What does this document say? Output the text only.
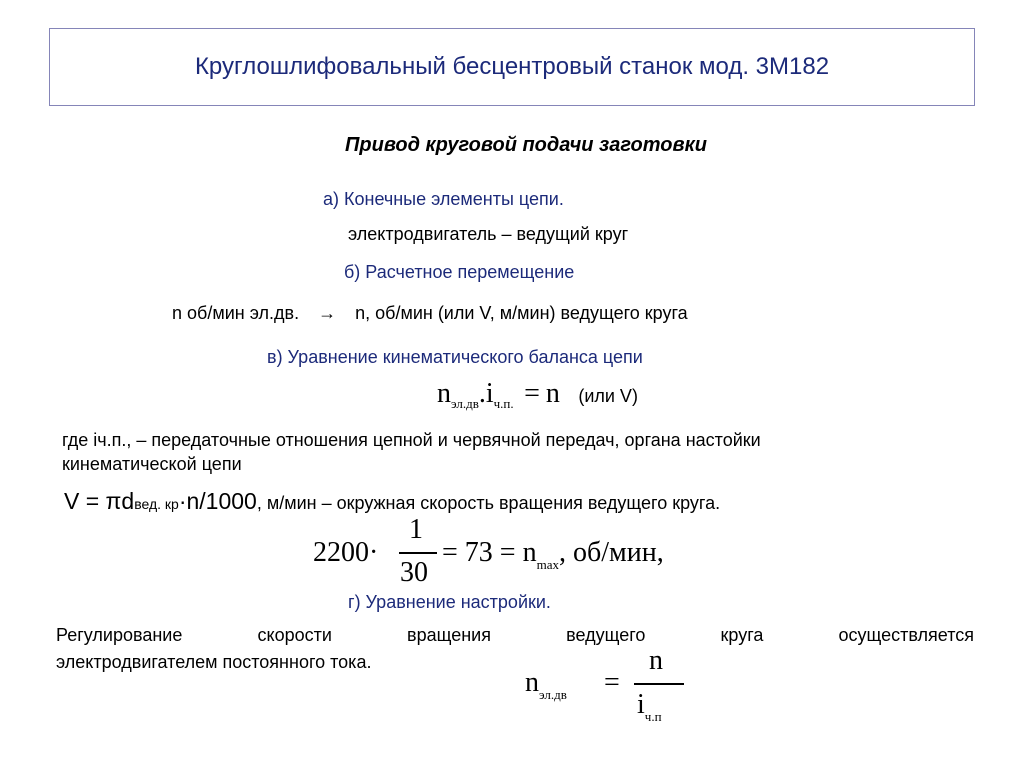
Круглошлифовальный бесцентровый станок мод. 3М182
Привод круговой подачи заготовки
а) Конечные элементы цепи.
электродвигатель – ведущий круг
б) Расчетное перемещение
n об/мин эл.дв. → n, об/мин (или V, м/мин) ведущего круга
в) Уравнение кинематического баланса цепи
$n_{эл.дв}.i_{ч.п.} = n$ (или V)
где iч.п., – передаточные отношения цепной и червячной передач, органа настойки
кинематической цепи
V = πdвед. кр·n/1000, м/мин – окружная скорость вращения ведущего круга.
2200·
1
30
= $73 = n_{max}$, об/мин,
г) Уравнение настройки.
Регулирование скорости вращения ведущего круга осуществляется
электродвигателем постоянного тока.
$n_{эл.дв}$ =
n
$i_{ч.п}$
